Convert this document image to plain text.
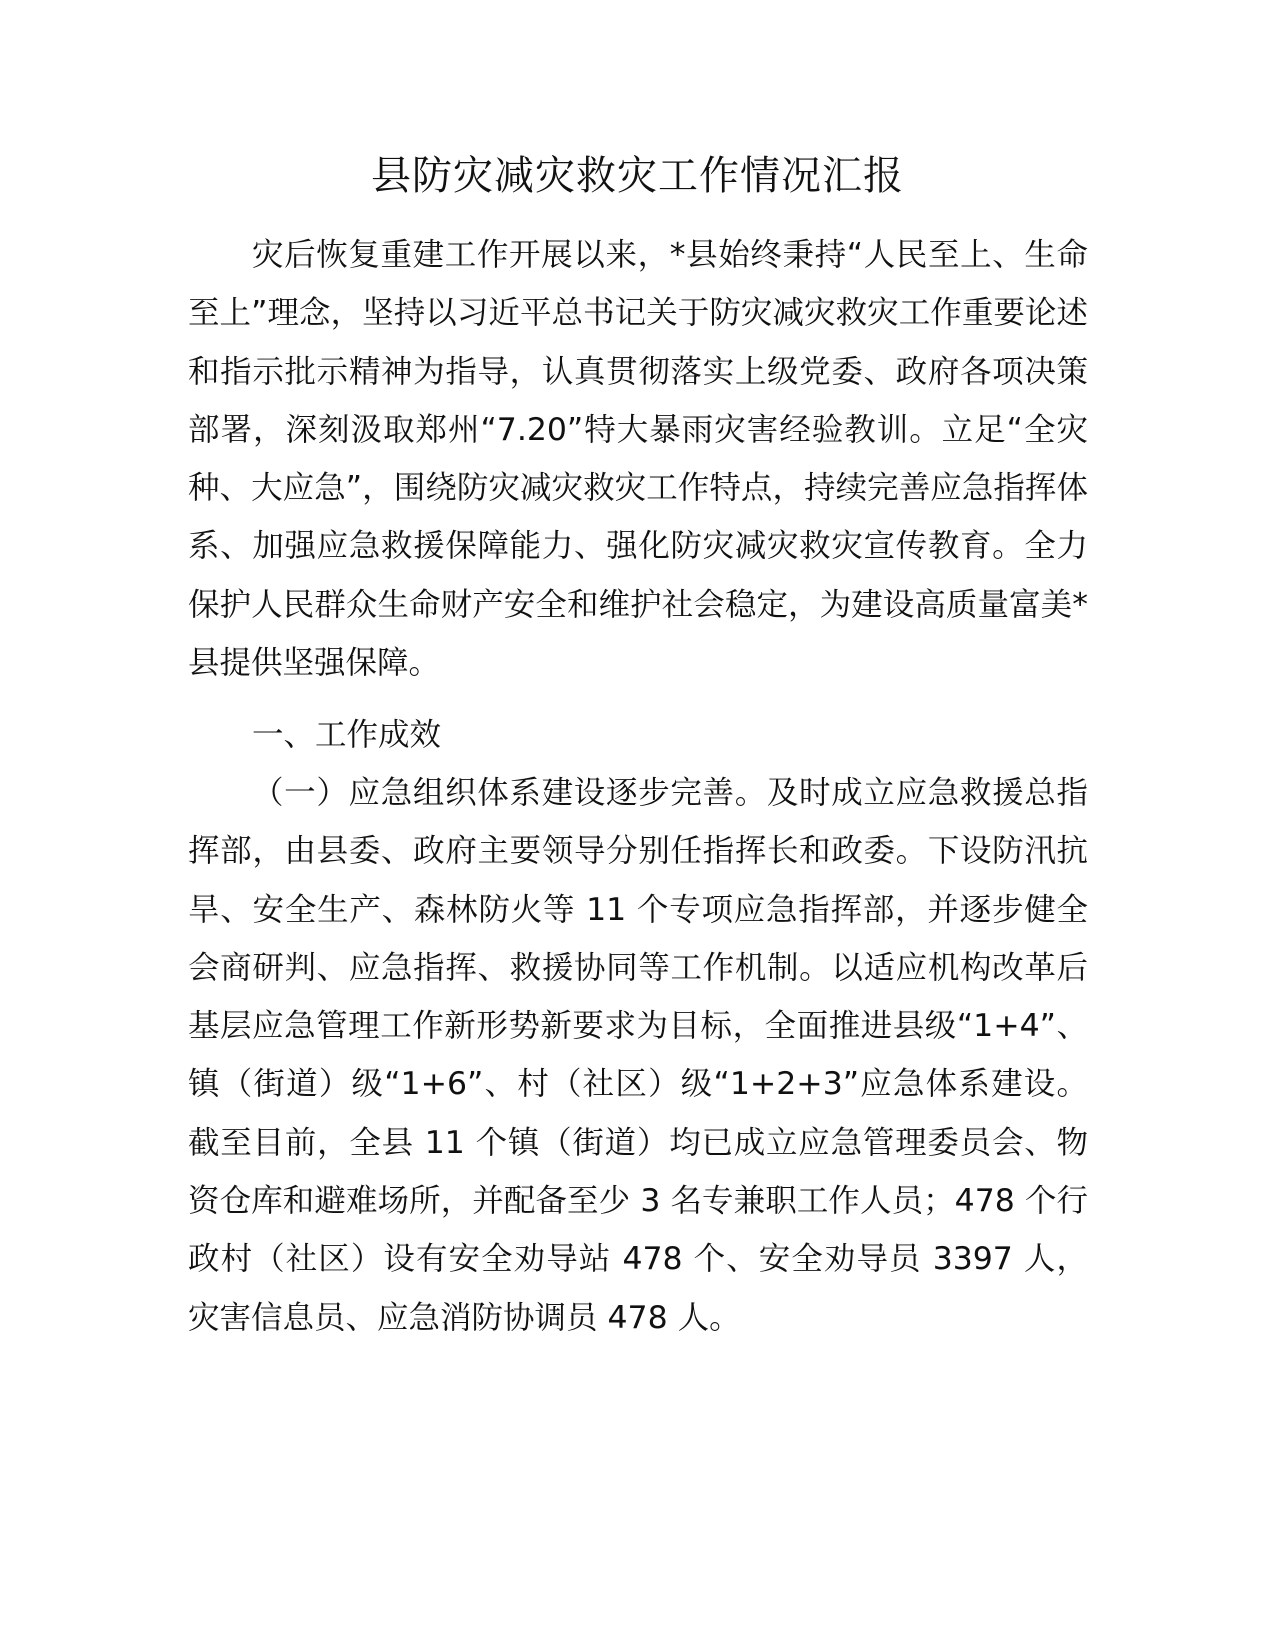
县防灾减灾救灾工作情况汇报

灾后恢复重建工作开展以来，*县始终秉持“人民至上、生命至上”理念，坚持以习近平总书记关于防灾减灾救灾工作重要论述和指示批示精神为指导，认真贯彻落实上级党委、政府各项决策部署，深刻汲取郑州“7.20”特大暴雨灾害经验教训。立足“全灾种、大应急”，围绕防灾减灾救灾工作特点，持续完善应急指挥体系、加强应急救援保障能力、强化防灾减灾救灾宣传教育。全力保护人民群众生命财产安全和维护社会稳定，为建设高质量富美*县提供坚强保障。

一、工作成效

（一）应急组织体系建设逐步完善。及时成立应急救援总指挥部，由县委、政府主要领导分别任指挥长和政委。下设防汛抗旱、安全生产、森林防火等 11 个专项应急指挥部，并逐步健全会商研判、应急指挥、救援协同等工作机制。以适应机构改革后基层应急管理工作新形势新要求为目标，全面推进县级“1+4”、镇（街道）级“1+6”、村（社区）级“1+2+3”应急体系建设。截至目前，全县 11 个镇（街道）均已成立应急管理委员会、物资仓库和避难场所，并配备至少 3 名专兼职工作人员；478 个行政村（社区）设有安全劝导站 478 个、安全劝导员 3397 人，灾害信息员、应急消防协调员 478 人。
